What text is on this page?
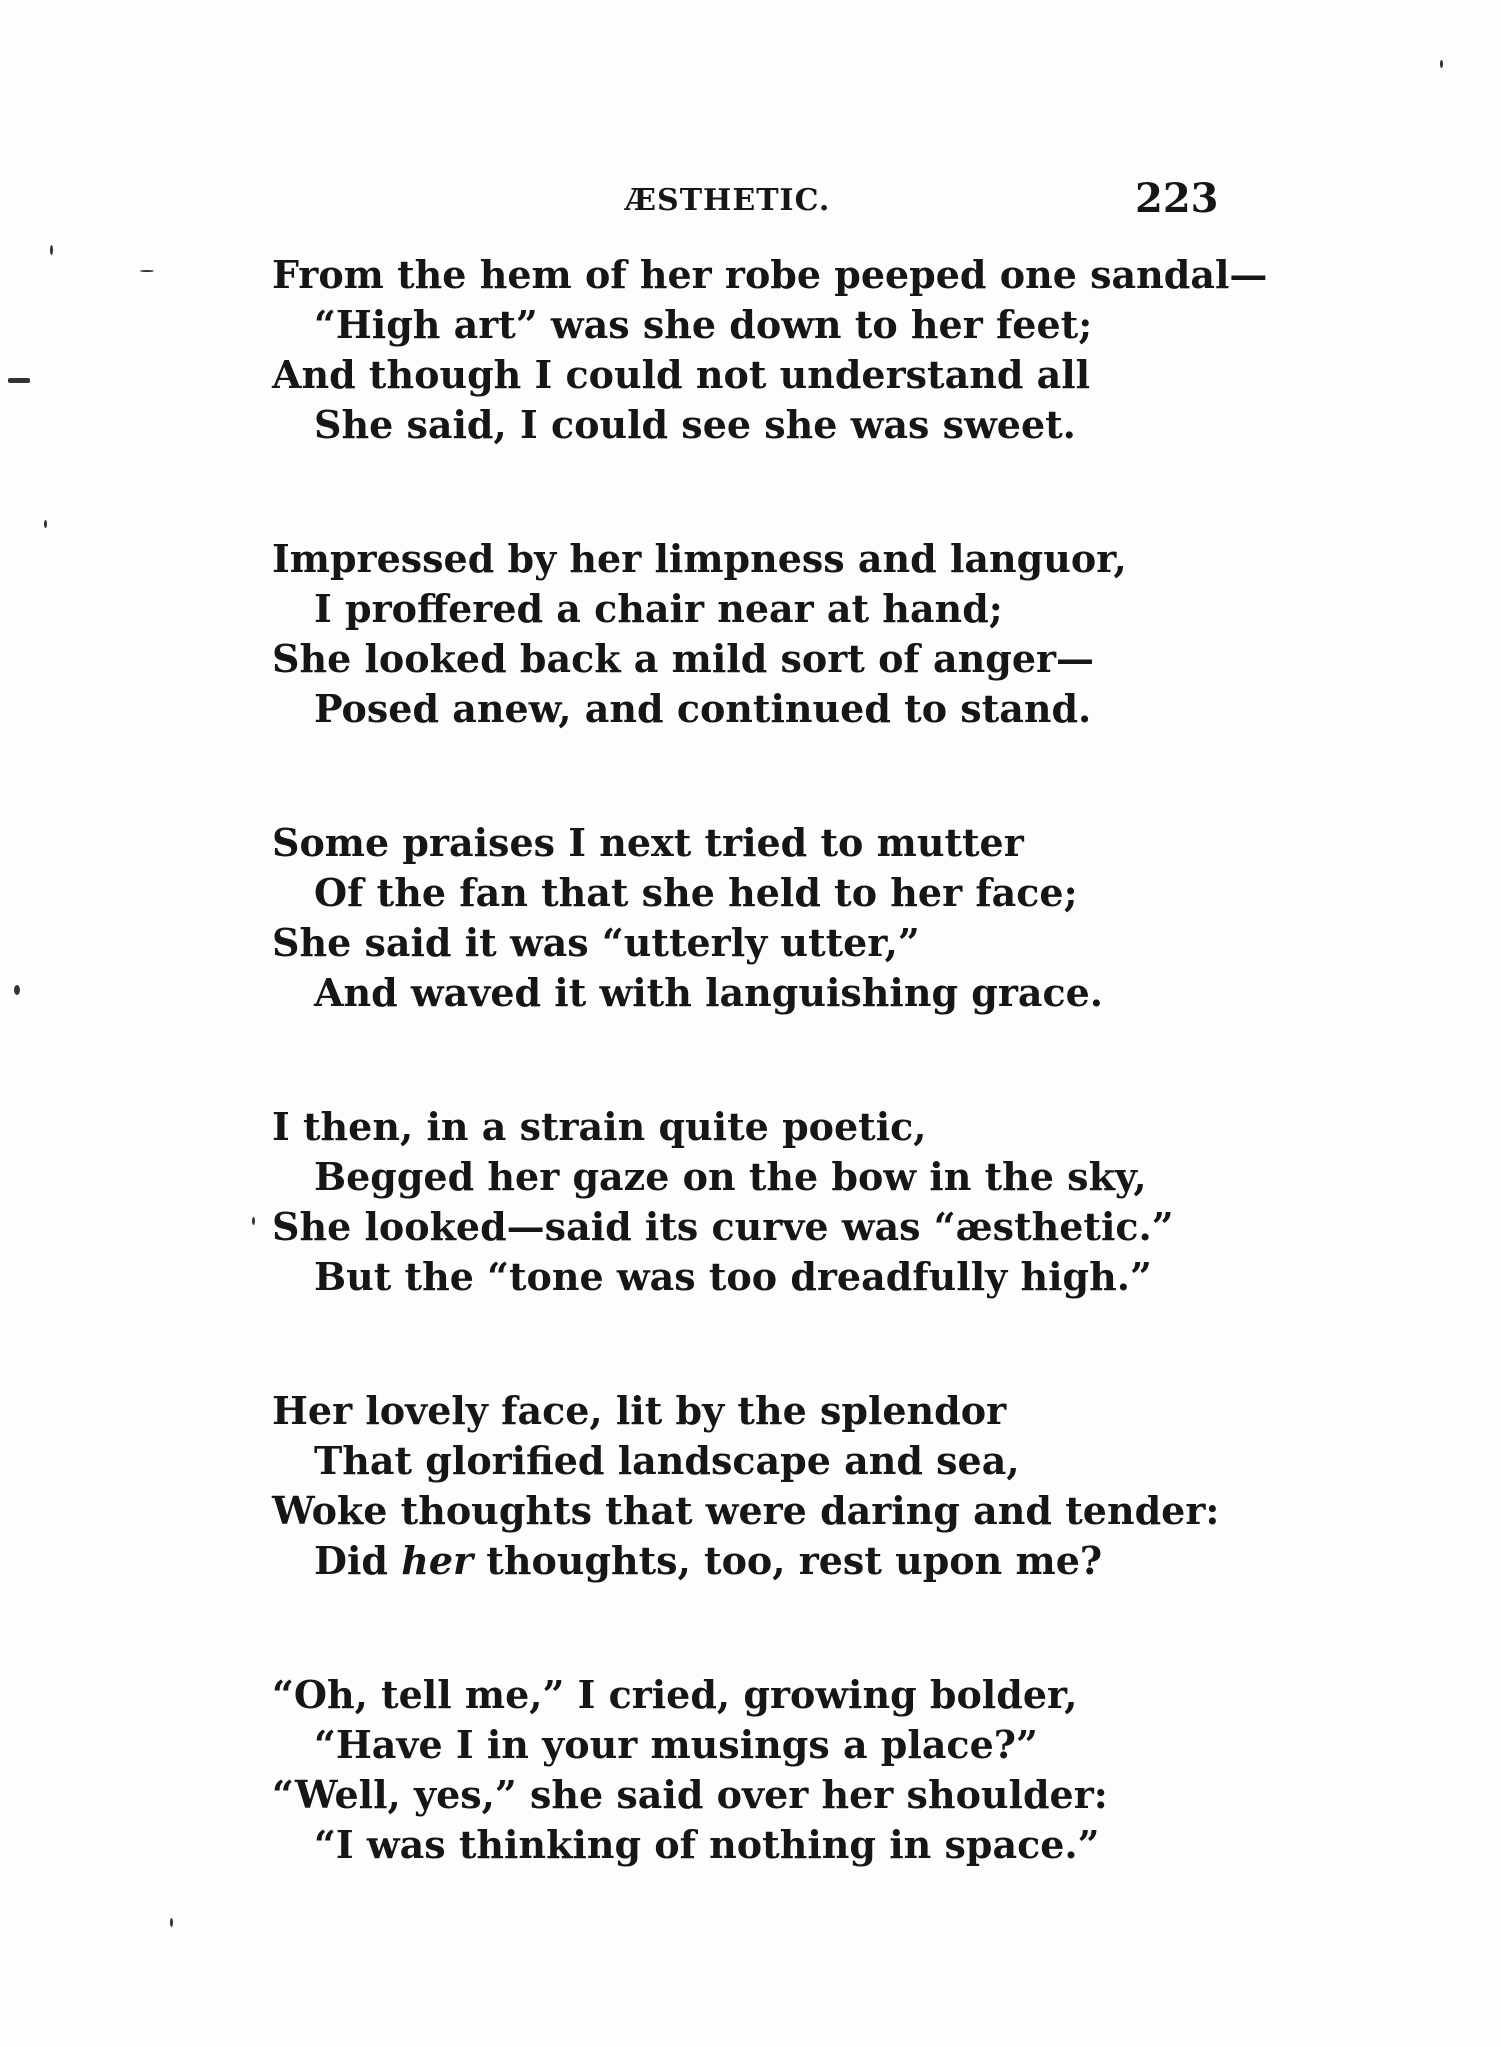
ÆSTHETIC.	223
From the hem of her robe peeped one sandal—
“High art” was she down to her feet;
And though I could not understand all
She said, I could see she was sweet.
Impressed by her limpness and languor,
I proffered a chair near at hand;
She looked back a mild sort of anger—
Posed anew, and continued to stand.
Some praises I next tried to mutter
Of the fan that she held to her face;
She said it was “utterly utter,”
And waved it with languishing grace.
I then, in a strain quite poetic,
Begged her gaze on the bow in the sky,
She looked—said its curve was “æsthetic.”
But the “tone was too dreadfully high.”
Her lovely face, lit by the splendor
That glorified landscape and sea,
Woke thoughts that were daring and tender:
Did her thoughts, too, rest upon me?
“Oh, tell me,” I cried, growing bolder,
“Have I in your musings a place?”
“Well, yes,” she said over her shoulder:
“I was thinking of nothing in space.”
